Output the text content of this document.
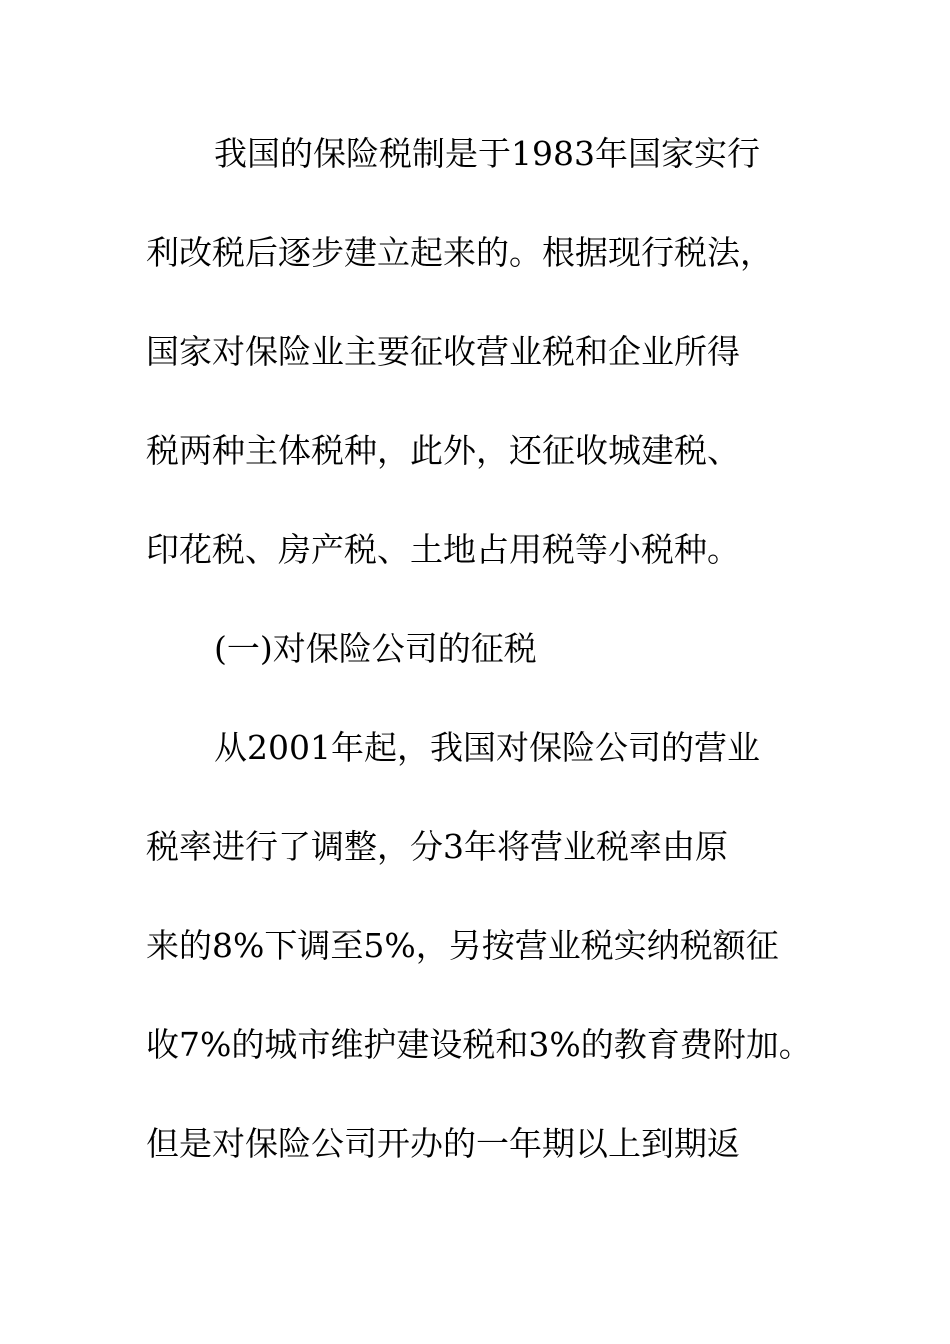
我国的保险税制是于1983年国家实行
利改税后逐步建立起来的。根据现行税法，
国家对保险业主要征收营业税和企业所得
税两种主体税种，此外，还征收城建税、
印花税、房产税、土地占用税等小税种。
(一)对保险公司的征税
从2001年起，我国对保险公司的营业
税率进行了调整，分3年将营业税率由原
来的8%下调至5%，另按营业税实纳税额征
收7%的城市维护建设税和3%的教育费附加。
但是对保险公司开办的一年期以上到期返
